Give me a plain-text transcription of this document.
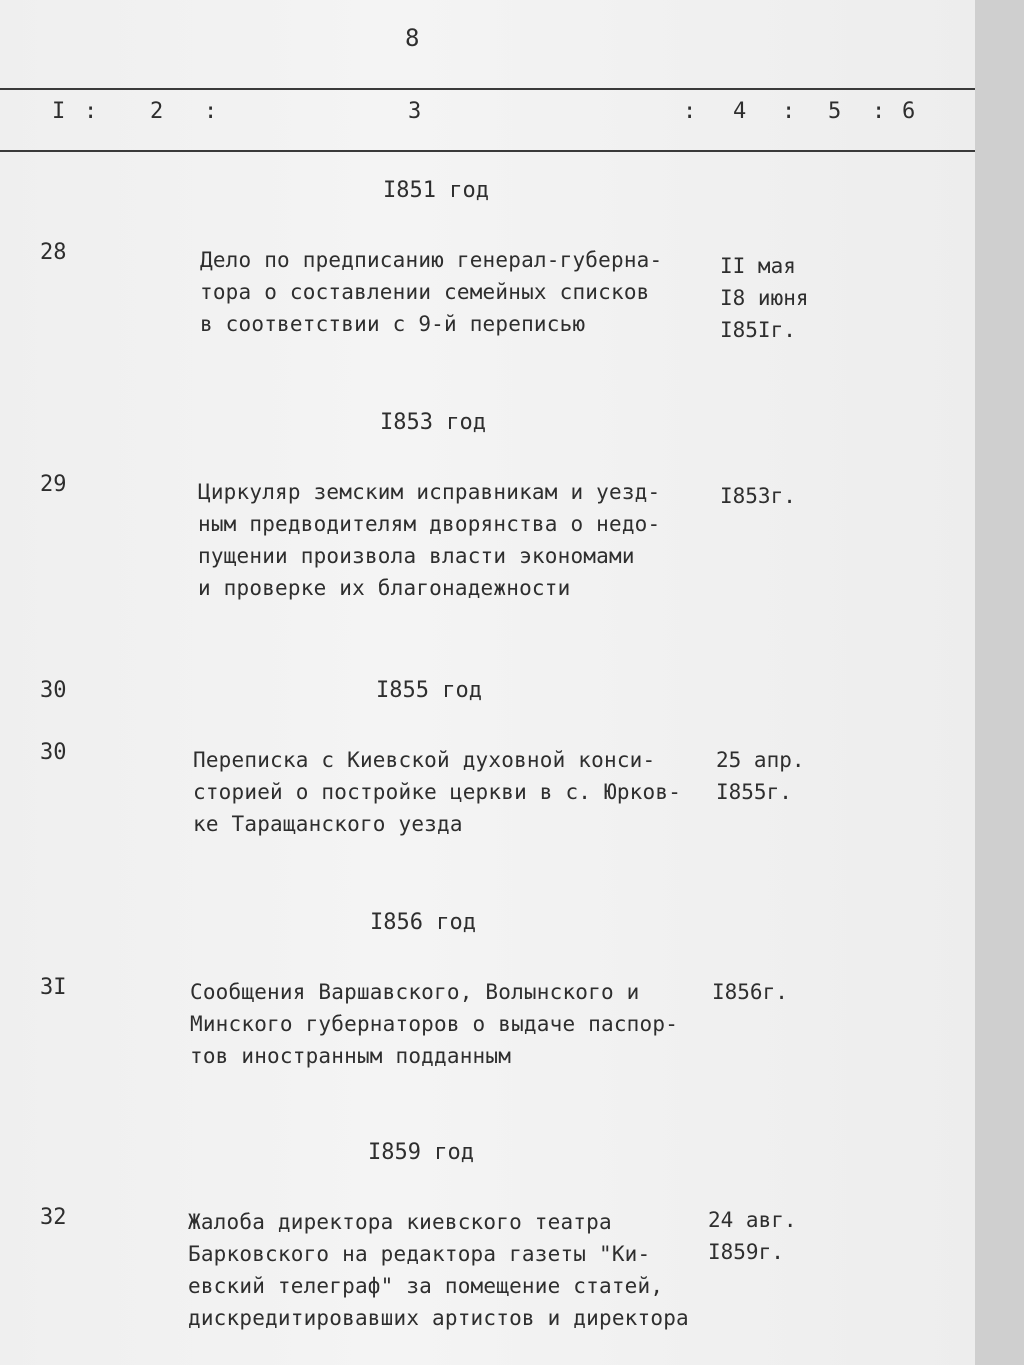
8
I : 2 :	3	: 4 : 5 : 6
I851 год
28	Дело по предписанию генерал-губерна-
тора о составлении семейных списков
в соответствии с 9-й переписью
II мая
I8 июня
I85Iг.
I853 год
29	Циркуляр земским исправникам и уезд-
ным предводителям дворянства о недо-
пущении произвола власти экономами
и проверке их благонадежности
I853г.
30	I855 год
30	Переписка с Киевской духовной конси-
сторией о постройке церкви в с. Юрков-
ке Таращанского уезда
25 апр.
I855г.
I856 год
3I	Сообщения Варшавского, Волынского и
Минского губернаторов о выдаче паспор-
тов иностранным подданным
I856г.
I859 год
32	Жалоба директора киевского театра
Барковского на редактора газеты "Ки-
евский телеграф" за помещение статей,
дискредитировавших артистов и директора
24 авг.
I859г.
